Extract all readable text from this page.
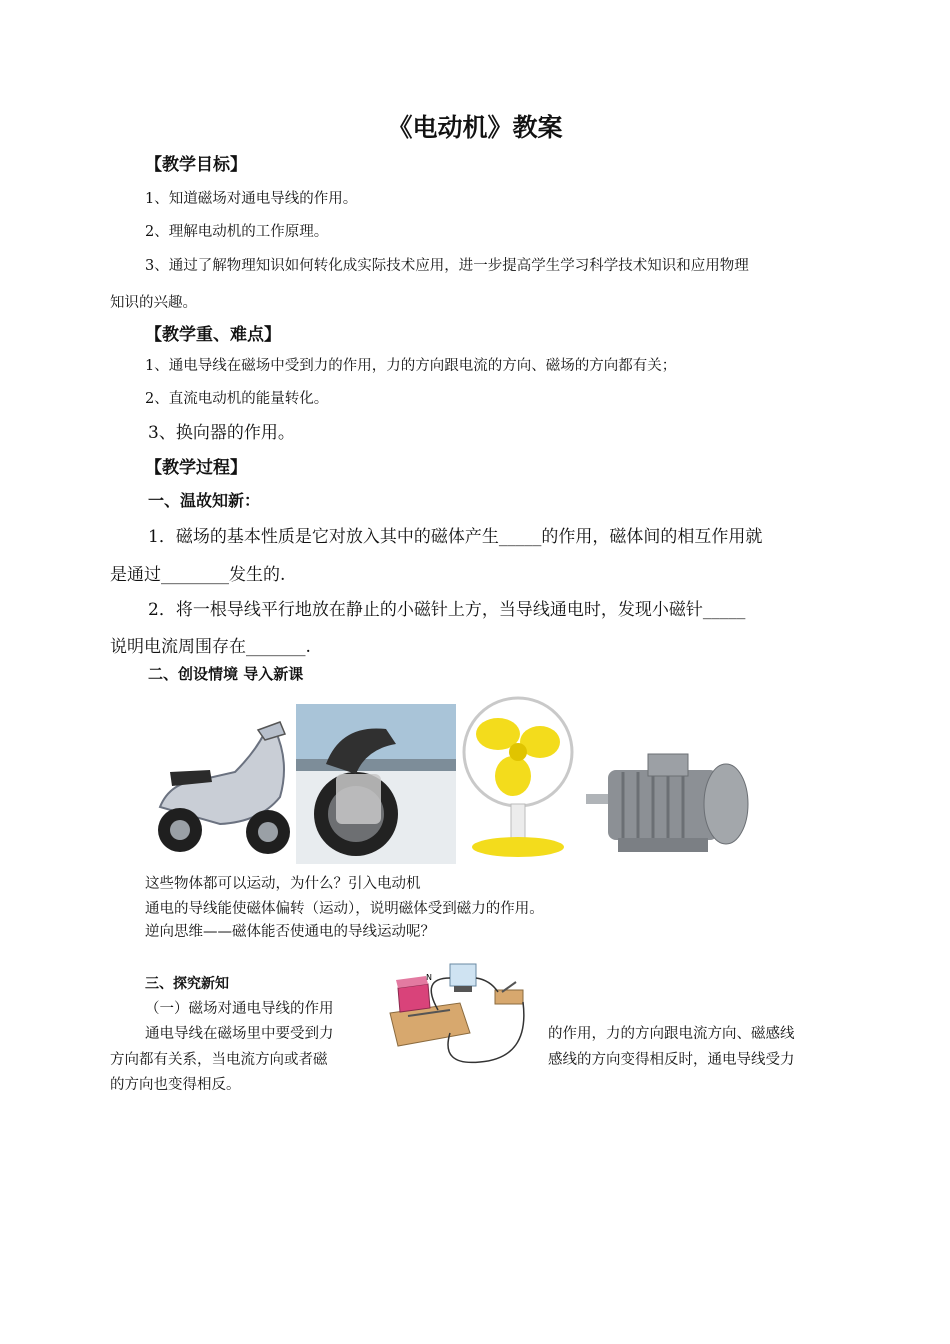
《电动机》教案
【教学目标】
1、知道磁场对通电导线的作用。
2、理解电动机的工作原理。
3、通过了解物理知识如何转化成实际技术应用，进一步提高学生学习科学技术知识和应用物理
知识的兴趣。
【教学重、难点】
1、通电导线在磁场中受到力的作用，力的方向跟电流的方向、磁场的方向都有关；
2、直流电动机的能量转化。
3、换向器的作用。
【教学过程】
一、温故知新：
1．磁场的基本性质是它对放入其中的磁体产生_____的作用，磁体间的相互作用就
是通过________发生的.
2．将一根导线平行地放在静止的小磁针上方，当导线通电时，发现小磁针_____
说明电流周围存在_______.
二、创设情境 导入新课
这些物体都可以运动，为什么？引入电动机
通电的导线能使磁体偏转（运动），说明磁体受到磁力的作用。
逆向思维——磁体能否使通电的导线运动呢？
三、探究新知
（一）磁场对通电导线的作用
通电导线在磁场里中要受到力	的作用，力的方向跟电流方向、磁感线
方向都有关系，当电流方向或者磁	感线的方向变得相反时，通电导线受力
的方向也变得相反。
N
